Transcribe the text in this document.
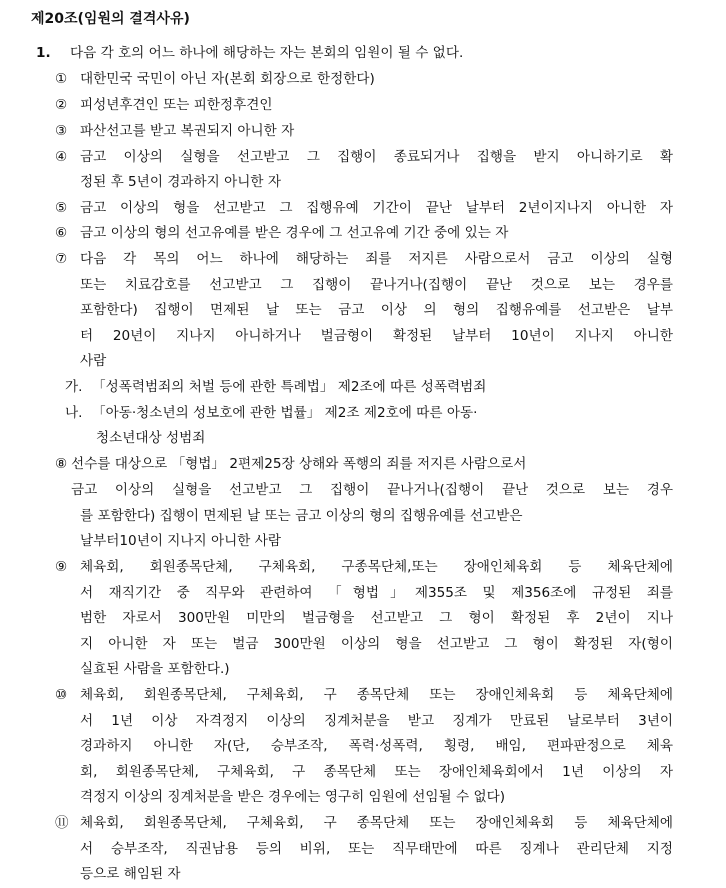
제20조(임원의 결격사유)
1. 다음 각 호의 어느 하나에 해당하는 자는 본회의 임원이 될 수 없다.
① 대한민국 국민이 아닌 자(본회 회장으로 한정한다)
② 피성년후견인 또는 피한정후견인
③ 파산선고를 받고 복권되지 아니한 자
④ 금고 이상의 실형을 선고받고 그 집행이 종료되거나 집행을 받지 아니하기로 확
정된 후 5년이 경과하지 아니한 자
⑤ 금고 이상의 형을 선고받고 그 집행유예 기간이 끝난 날부터 2년이지나지 아니한 자
⑥ 금고 이상의 형의 선고유예를 받은 경우에 그 선고유예 기간 중에 있는 자
⑦ 다음 각 목의 어느 하나에 해당하는 죄를 저지른 사람으로서 금고 이상의 실형
또는 치료감호를 선고받고 그 집행이 끝나거나(집행이 끝난 것으로 보는 경우를
포함한다) 집행이 면제된 날 또는 금고 이상 의 형의 집행유예를 선고받은 날부
터 20년이 지나지 아니하거나 벌금형이 확정된 날부터 10년이 지나지 아니한
사람
가. 「성폭력범죄의 처벌 등에 관한 특례법」 제2조에 따른 성폭력범죄
나. 「아동·청소년의 성보호에 관한 법률」 제2조 제2호에 따른 아동·
청소년대상 성범죄
⑧ 선수를 대상으로 「형법」 2편제25장 상해와 폭행의 죄를 저지른 사람으로서
금고 이상의 실형을 선고받고 그 집행이 끝나거나(집행이 끝난 것으로 보는 경우
를 포함한다) 집행이 면제된 날 또는 금고 이상의 형의 집행유예를 선고받은
날부터10년이 지나지 아니한 사람
⑨ 체육회, 회원종목단체, 구체육회, 구종목단체,또는 장애인체육회 등 체육단체에
서 재직기간 중 직무와 관련하여 「형법」제355조 및 제356조에 규정된 죄를
범한 자로서 300만원 미만의 벌금형을 선고받고 그 형이 확정된 후 2년이 지나
지 아니한 자 또는 벌금 300만원 이상의 형을 선고받고 그 형이 확정된 자(형이
실효된 사람을 포함한다.)
⑩ 체육회, 회원종목단체, 구체육회, 구 종목단체 또는 장애인체육회 등 체육단체에
서 1년 이상 자격정지 이상의 징계처분을 받고 징계가 만료된 날로부터 3년이
경과하지 아니한 자(단, 승부조작, 폭력·성폭력, 횡령, 배임, 편파판정으로 체육
회, 회원종목단체, 구체육회, 구 종목단체 또는 장애인체육회에서 1년 이상의 자
격정지 이상의 징계처분을 받은 경우에는 영구히 임원에 선임될 수 없다)
⑪ 체육회, 회원종목단체, 구체육회, 구 종목단체 또는 장애인체육회 등 체육단체에
서 승부조작, 직권남용 등의 비위, 또는 직무태만에 따른 징계나 관리단체 지정
등으로 해임된 자
